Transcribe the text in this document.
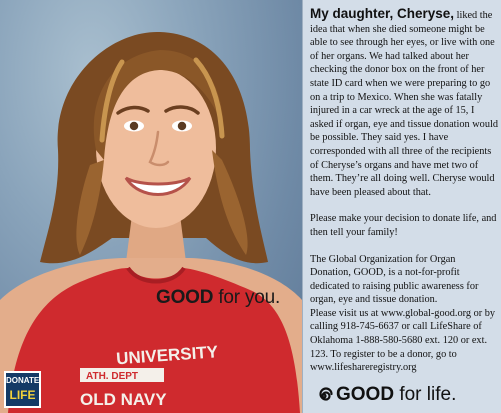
UNIVERSITY
ATH. DEPT
OLD NAVY

GOOD for you.

DONATE
LIFE

My daughter, Cheryse, liked the idea that when she died someone might be able to see through her eyes, or live with one of her organs. We had talked about her checking the donor box on the front of her state ID card when we were preparing to go on a trip to Mexico. When she was fatally injured in a car wreck at the age of 15, I asked if organ, eye and tissue donation would be possible. They said yes. I have corresponded with all three of the recipients of Cheryse’s organs and have met two of them. They’re all doing well. Cheryse would have been pleased about that.

Please make your decision to donate life, and then tell your family!

The Global Organization for Organ Donation, GOOD, is a not-for-profit dedicated to raising public awareness for organ, eye and tissue donation.

Please visit us at www.global-good.org or by calling 918-745-6637 or call LifeShare of Oklahoma 1-888-580-5680 ext. 120 or ext. 123. To register to be a donor, go to www.lifeshareregistry.org

GOOD for life.
